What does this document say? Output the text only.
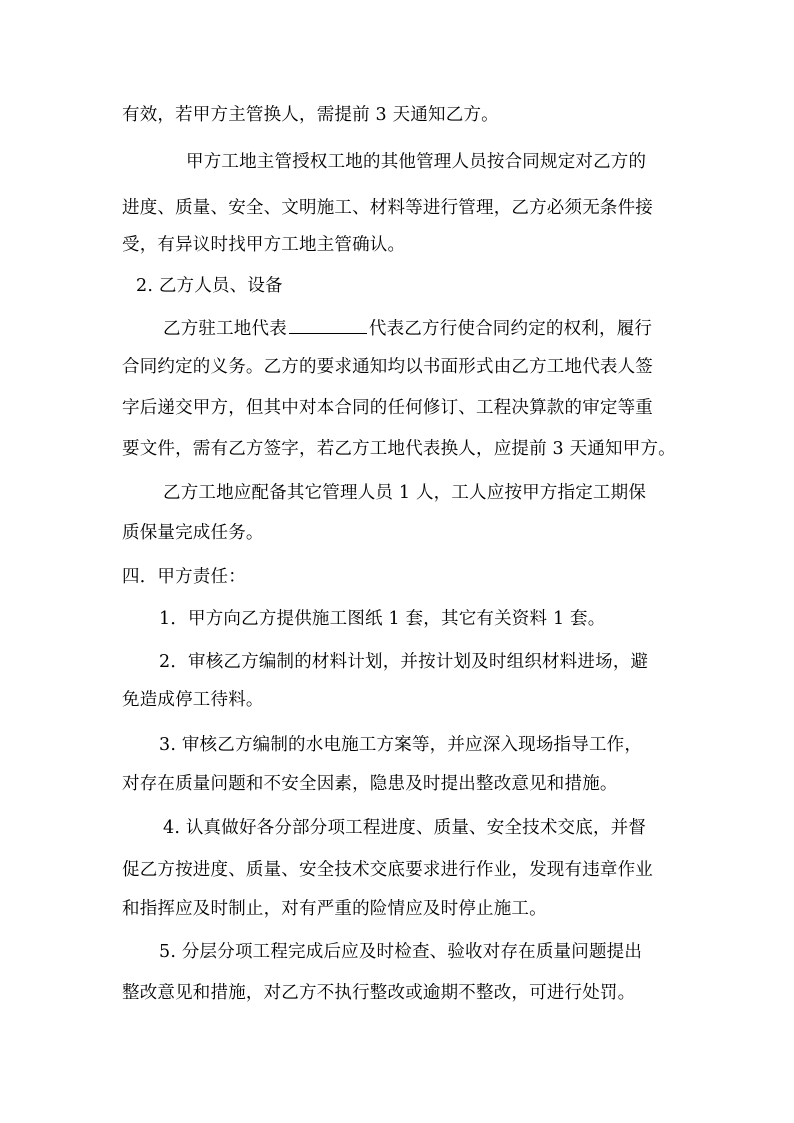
有效，若甲方主管换人，需提前 3 天通知乙方。
甲方工地主管授权工地的其他管理人员按合同规定对乙方的
进度、质量、安全、文明施工、材料等进行管理，乙方必须无条件接
受，有异议时找甲方工地主管确认。
2. 乙方人员、设备
乙方驻工地代表	代表乙方行使合同约定的权利，履行
合同约定的义务。乙方的要求通知均以书面形式由乙方工地代表人签
字后递交甲方，但其中对本合同的任何修订、工程决算款的审定等重
要文件，需有乙方签字，若乙方工地代表换人，应提前 3 天通知甲方。
乙方工地应配备其它管理人员 1 人，工人应按甲方指定工期保
质保量完成任务。
四．甲方责任：
1．甲方向乙方提供施工图纸 1 套，其它有关资料 1 套。
2．审核乙方编制的材料计划，并按计划及时组织材料进场，避
免造成停工待料。
3. 审核乙方编制的水电施工方案等，并应深入现场指导工作，
对存在质量问题和不安全因素，隐患及时提出整改意见和措施。
4. 认真做好各分部分项工程进度、质量、安全技术交底，并督
促乙方按进度、质量、安全技术交底要求进行作业，发现有违章作业
和指挥应及时制止，对有严重的险情应及时停止施工。
5. 分层分项工程完成后应及时检查、验收对存在质量问题提出
整改意见和措施，对乙方不执行整改或逾期不整改，可进行处罚。
